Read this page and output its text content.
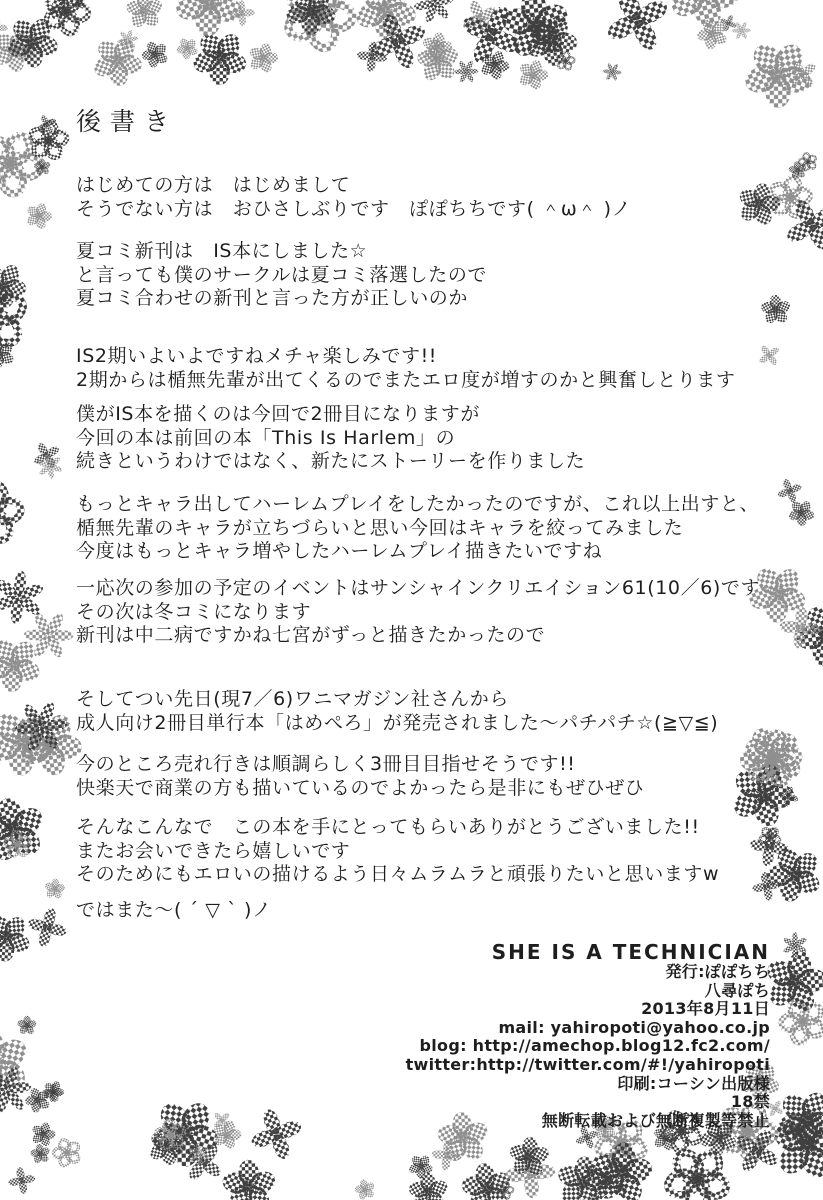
後書き
はじめての方は　はじめまして
そうでない方は　おひさしぶりです　ぽぽちちです( ＾ω＾ )ノ
夏コミ新刊は　IS本にしました☆
と言っても僕のサークルは夏コミ落選したので
夏コミ合わせの新刊と言った方が正しいのか
IS2期いよいよですねメチャ楽しみです!!
2期からは楯無先輩が出てくるのでまたエロ度が増すのかと興奮しとります
僕がIS本を描くのは今回で2冊目になりますが
今回の本は前回の本「This Is Harlem」の
続きというわけではなく、新たにストーリーを作りました
もっとキャラ出してハーレムプレイをしたかったのですが、これ以上出すと、
楯無先輩のキャラが立ちづらいと思い今回はキャラを絞ってみました
今度はもっとキャラ増やしたハーレムプレイ描きたいですね
一応次の参加の予定のイベントはサンシャインクリエイション61(10／6)です
その次は冬コミになります
新刊は中二病ですかね七宮がずっと描きたかったので
そしてつい先日(現7／6)ワニマガジン社さんから
成人向け2冊目単行本「はめぺろ」が発売されました～パチパチ☆(≧▽≦)
今のところ売れ行きは順調らしく3冊目目指せそうです!!
快楽天で商業の方も描いているのでよかったら是非にもぜひぜひ
そんなこんなで　この本を手にとってもらいありがとうございました!!
またお会いできたら嬉しいです
そのためにもエロいの描けるよう日々ムラムラと頑張りたいと思いますw
ではまた～( ´ ▽ ` )ノ
SHE IS A TECHNICIAN
発行:ぽぽちち
八尋ぽち
2013年8月11日
mail: yahiropoti@yahoo.co.jp
blog: http://amechop.blog12.fc2.com/
twitter:http://twitter.com/#!/yahiropoti
印刷:コーシン出版様
18禁
無断転載および無断複製等禁止
